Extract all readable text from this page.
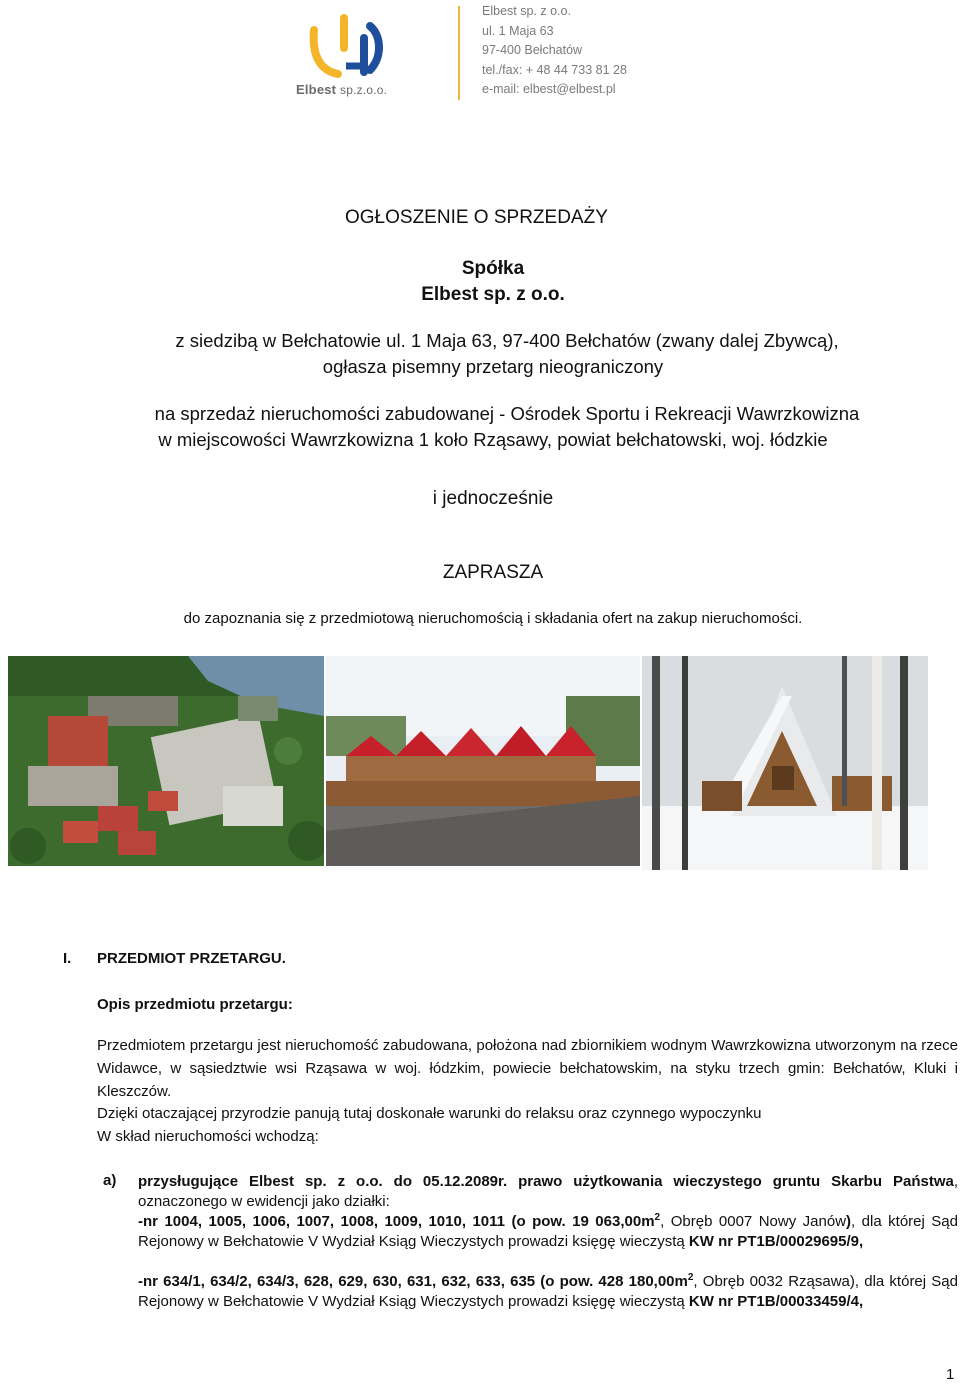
Elbest sp.z.o.o.
Elbest sp. z o.o.
ul. 1 Maja 63
97-400 Bełchatów
tel./fax: + 48 44 733 81 28
e-mail: elbest@elbest.pl
OGŁOSZENIE O SPRZEDAŻY
Spółka
Elbest sp. z o.o.
z siedzibą w Bełchatowie ul. 1 Maja 63, 97-400 Bełchatów (zwany dalej Zbywcą),
ogłasza pisemny przetarg nieograniczony
na sprzedaż nieruchomości zabudowanej - Ośrodek Sportu i Rekreacji Wawrzkowizna
w miejscowości Wawrzkowizna 1 koło Rząsawy, powiat bełchatowski, woj. łódzkie
i jednocześnie
ZAPRASZA
do zapoznania się z przedmiotową nieruchomością i składania ofert na zakup nieruchomości.
I. PRZEDMIOT PRZETARGU.
Opis przedmiotu przetargu:
Przedmiotem przetargu jest nieruchomość zabudowana, położona nad zbiornikiem wodnym Wawrzkowizna utworzonym na rzece Widawce, w sąsiedztwie wsi Rząsawa w woj. łódzkim, powiecie bełchatowskim, na styku trzech gmin: Bełchatów, Kluki i Kleszczów.
Dzięki otaczającej przyrodzie panują tutaj doskonałe warunki do relaksu oraz czynnego wypoczynku
W skład nieruchomości wchodzą:
a) przysługujące Elbest sp. z o.o. do 05.12.2089r. prawo użytkowania wieczystego gruntu Skarbu Państwa, oznaczonego w ewidencji jako działki:
-nr 1004, 1005, 1006, 1007, 1008, 1009, 1010, 1011 (o pow. 19 $063,00m^2$, Obręb 0007 Nowy Janów), dla której Sąd Rejonowy w Bełchatowie V Wydział Ksiąg Wieczystych prowadzi księgę wieczystą KW nr PT1B/00029695/9,
-nr 634/1, 634/2, 634/3, 628, 629, 630, 631, 632, 633, 635 (o pow. 428 $180,00m^2$, Obręb 0032 Rząsawa), dla której Sąd Rejonowy w Bełchatowie V Wydział Ksiąg Wieczystych prowadzi księgę wieczystą KW nr PT1B/00033459/4,
1
